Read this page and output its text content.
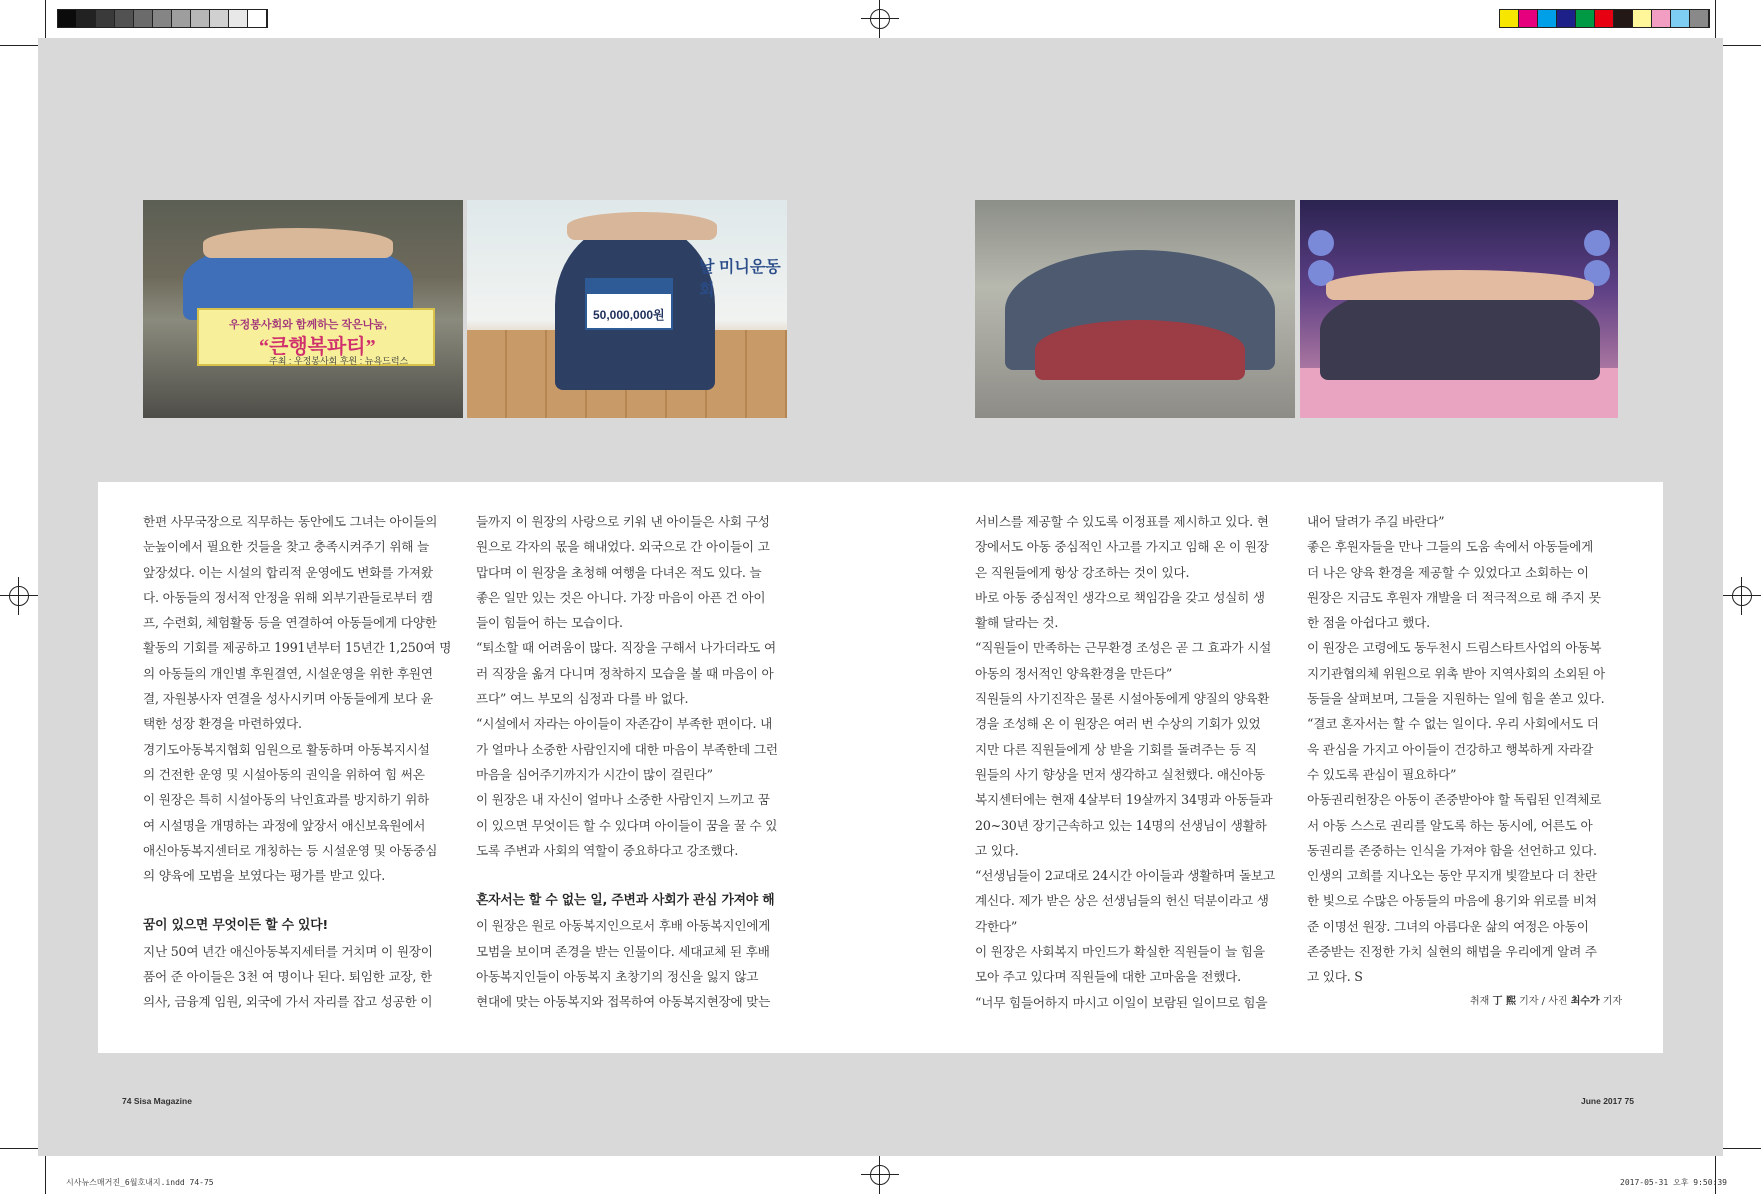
우정봉사회와 함께하는 작은나눔,
“큰행복파티”
주최 : 우정봉사회 후원 : 뉴욕드럭스
날 미니운동회
50,000,000원

한편 사무국장으로 직무하는 동안에도 그녀는 아이들의

눈높이에서 필요한 것들을 찾고 충족시켜주기 위해 늘

앞장섰다. 이는 시설의 합리적 운영에도 변화를 가져왔

다. 아동들의 정서적 안정을 위해 외부기관들로부터 캠

프, 수련회, 체험활동 등을 연결하여 아동들에게 다양한

활동의 기회를 제공하고 1991년부터 15년간 1,250여 명

의 아동들의 개인별 후원결연, 시설운영을 위한 후원연

결, 자원봉사자 연결을 성사시키며 아동들에게 보다 윤

택한 성장 환경을 마련하였다.

경기도아동복지협회 임원으로 활동하며 아동복지시설

의 건전한 운영 및 시설아동의 권익을 위하여 힘 써온

이 원장은 특히 시설아동의 낙인효과를 방지하기 위하

여 시설명을 개명하는 과정에 앞장서 애신보육원에서

애신아동복지센터로 개칭하는 등 시설운영 및 아동중심

의 양육에 모범을 보였다는 평가를 받고 있다.

꿈이 있으면 무엇이든 할 수 있다!

지난 50여 년간 애신아동복지세터를 거치며 이 원장이

품어 준 아이들은 3천 여 명이나 된다. 퇴임한 교장, 한

의사, 금융계 임원, 외국에 가서 자리를 잡고 성공한 이

들까지 이 원장의 사랑으로 키워 낸 아이들은 사회 구성

원으로 각자의 몫을 해내었다. 외국으로 간 아이들이 고

맙다며 이 원장을 초청해 여행을 다녀온 적도 있다. 늘

좋은 일만 있는 것은 아니다. 가장 마음이 아픈 건 아이

들이 힘들어 하는 모습이다.

“퇴소할 때 어려움이 많다. 직장을 구해서 나가더라도 여

러 직장을 옮겨 다니며 정착하지 모습을 볼 때 마음이 아

프다” 여느 부모의 심정과 다를 바 없다.

“시설에서 자라는 아이들이 자존감이 부족한 편이다. 내

가 얼마나 소중한 사람인지에 대한 마음이 부족한데 그런

마음을 심어주기까지가 시간이 많이 걸린다”

이 원장은 내 자신이 얼마나 소중한 사람인지 느끼고 꿈

이 있으면 무엇이든 할 수 있다며 아이들이 꿈을 꿀 수 있

도록 주변과 사회의 역할이 중요하다고 강조했다.

혼자서는 할 수 없는 일, 주변과 사회가 관심 가져야 해

이 원장은 원로 아동복지인으로서 후배 아동복지인에게

모범을 보이며 존경을 받는 인물이다. 세대교체 된 후배

아동복지인들이 아동복지 초창기의 정신을 잃지 않고

현대에 맞는 아동복지와 접목하여 아동복지현장에 맞는

서비스를 제공할 수 있도록 이정표를 제시하고 있다. 현

장에서도 아동 중심적인 사고를 가지고 임해 온 이 원장

은 직원들에게 항상 강조하는 것이 있다.

바로 아동 중심적인 생각으로 책임감을 갖고 성실히 생

활해 달라는 것.

“직원들이 만족하는 근무환경 조성은 곧 그 효과가 시설

아동의 정서적인 양육환경을 만든다”

직원들의 사기진작은 물론 시설아동에게 양질의 양육환

경을 조성해 온 이 원장은 여러 번 수상의 기회가 있었

지만 다른 직원들에게 상 받을 기회를 돌려주는 등 직

원들의 사기 향상을 먼저 생각하고 실천했다. 애신아동

복지센터에는 현재 4살부터 19살까지 34명과 아동들과

20~30년 장기근속하고 있는 14명의 선생님이 생활하

고 있다.

“선생님들이 2교대로 24시간 아이들과 생활하며 돌보고

계신다. 제가 받은 상은 선생님들의 헌신 덕분이라고 생

각한다”

이 원장은 사회복지 마인드가 확실한 직원들이 늘 힘을

모아 주고 있다며 직원들에 대한 고마움을 전했다.

“너무 힘들어하지 마시고 이일이 보람된 일이므로 힘을

내어 달려가 주길 바란다”

좋은 후원자들을 만나 그들의 도움 속에서 아동들에게

더 나은 양육 환경을 제공할 수 있었다고 소회하는 이

원장은 지금도 후원자 개발을 더 적극적으로 해 주지 못

한 점을 아쉽다고 했다.

이 원장은 고령에도 동두천시 드림스타트사업의 아동복

지기관협의체 위원으로 위촉 받아 지역사회의 소외된 아

동들을 살펴보며, 그들을 지원하는 일에 힘을 쏟고 있다.

“결코 혼자서는 할 수 없는 일이다. 우리 사회에서도 더

욱 관심을 가지고 아이들이 건강하고 행복하게 자라갈

수 있도록 관심이 필요하다”

아동권리헌장은 아동이 존중받아야 할 독립된 인격체로

서 아동 스스로 권리를 알도록 하는 동시에, 어른도 아

동권리를 존중하는 인식을 가져야 함을 선언하고 있다.

인생의 고희를 지나오는 동안 무지개 빛깔보다 더 찬란

한 빛으로 수많은 아동들의 마음에 용기와 위로를 비쳐

준 이명선 원장. 그녀의 아름다운 삶의 여정은 아동이

존중받는 진정한 가치 실현의 해법을 우리에게 알려 주

고 있다. S

취재 丁 熙 기자 / 사진 최수가 기자
74 Sisa Magazine	June 2017 75
시사뉴스매거진_6월호내지.indd 74-75	2017-05-31 오후 9:50:39
